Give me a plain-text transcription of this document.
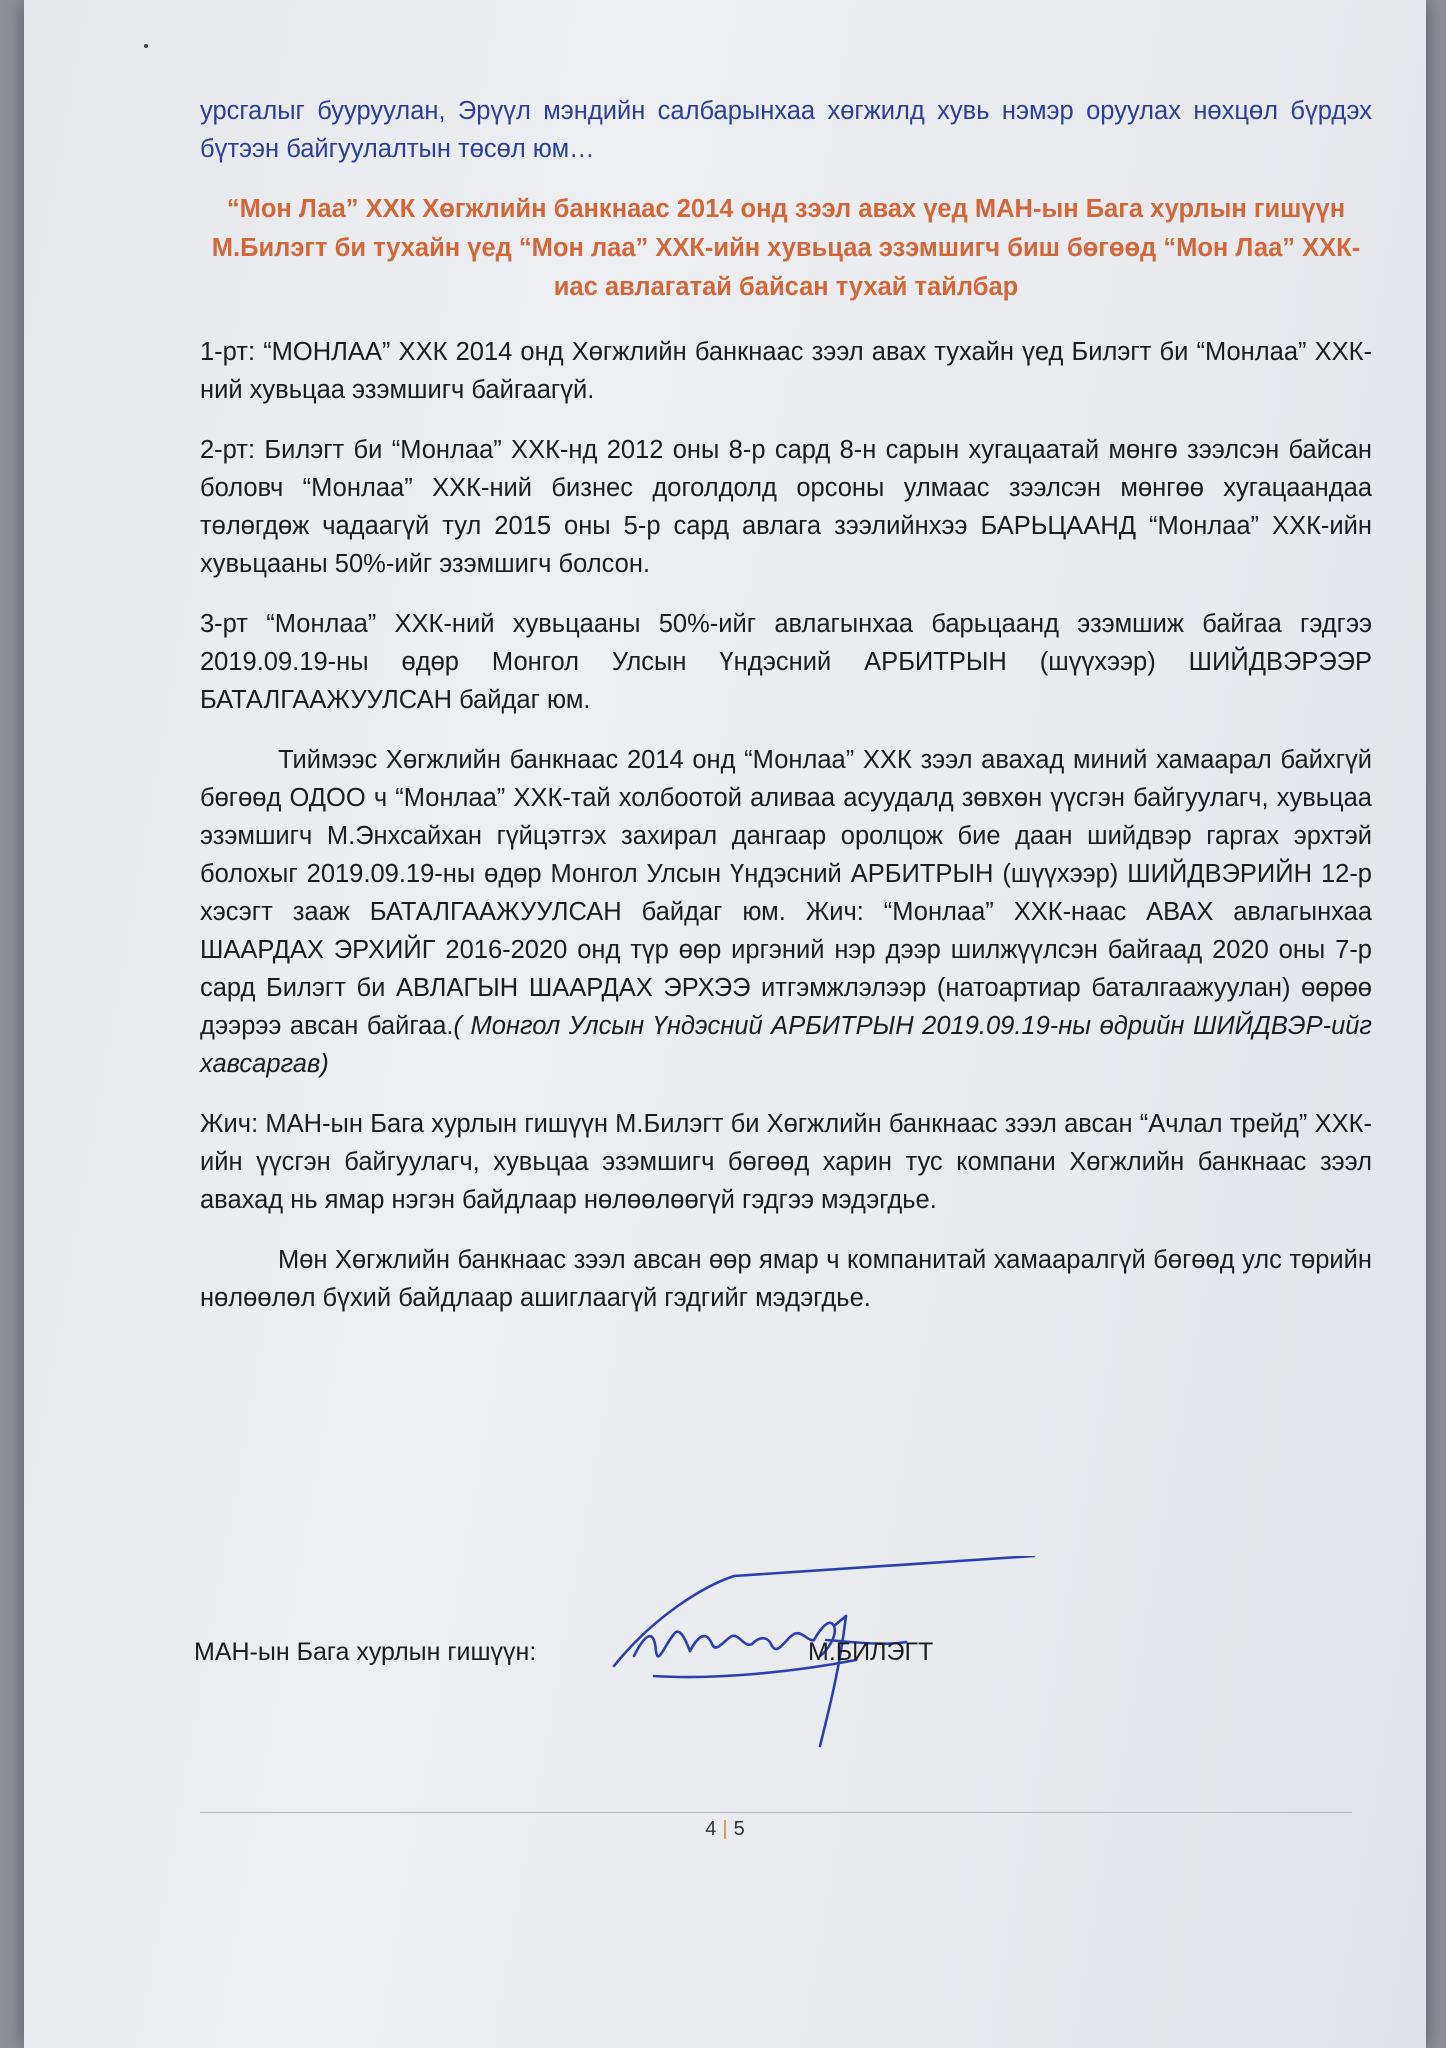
урсгалыг бууруулан, Эрүүл мэндийн салбарынхаа хөгжилд хувь нэмэр оруулах нөхцөл бүрдэх бүтээн байгуулалтын төсөл юм…

“Мон Лаа” ХХК Хөгжлийн банкнаас 2014 онд зээл авах үед МАН-ын Бага хурлын гишүүн М.Билэгт би тухайн үед “Мон лаа” ХХК-ийн хувьцаа эзэмшигч биш бөгөөд “Мон Лаа” ХХК-иас авлагатай байсан тухай тайлбар

1-рт: “МОНЛАА” ХХК 2014 онд Хөгжлийн банкнаас зээл авах тухайн үед Билэгт би “Монлаа” ХХК-ний хувьцаа эзэмшигч байгаагүй.

2-рт: Билэгт би “Монлаа” ХХК-нд 2012 оны 8-р сард 8-н сарын хугацаатай мөнгө зээлсэн байсан боловч “Монлаа” ХХК-ний бизнес доголдолд орсоны улмаас зээлсэн мөнгөө хугацаандаа төлөгдөж чадаагүй тул 2015 оны 5-р сард авлага зээлийнхээ БАРЬЦААНД “Монлаа” ХХК-ийн хувьцааны 50%-ийг эзэмшигч болсон.

3-рт “Монлаа” ХХК-ний хувьцааны 50%-ийг авлагынхаа барьцаанд эзэмшиж байгаа гэдгээ 2019.09.19-ны өдөр Монгол Улсын Үндэсний АРБИТРЫН (шүүхээр) ШИЙДВЭРЭЭР БАТАЛГААЖУУЛСАН байдаг юм.

Тиймээс Хөгжлийн банкнаас 2014 онд “Монлаа” ХХК зээл авахад миний хамаарал байхгүй бөгөөд ОДОО ч “Монлаа” ХХК-тай холбоотой аливаа асуудалд зөвхөн үүсгэн байгуулагч, хувьцаа эзэмшигч М.Энхсайхан гүйцэтгэх захирал дангаар оролцож бие даан шийдвэр гаргах эрхтэй болохыг 2019.09.19-ны өдөр Монгол Улсын Үндэсний АРБИТРЫН (шүүхээр) ШИЙДВЭРИЙН 12-р хэсэгт зааж БАТАЛГААЖУУЛСАН байдаг юм. Жич: “Монлаа” ХХК-наас АВАХ авлагынхаа ШААРДАХ ЭРХИЙГ 2016-2020 онд түр өөр иргэний нэр дээр шилжүүлсэн байгаад 2020 оны 7-р сард Билэгт би АВЛАГЫН ШААРДАХ ЭРХЭЭ итгэмжлэлээр (натоартиар баталгаажуулан) өөрөө дээрээ авсан байгаа.( Монгол Улсын Үндэсний АРБИТРЫН 2019.09.19-ны өдрийн ШИЙДВЭР-ийг хавсаргав)

Жич: МАН-ын Бага хурлын гишүүн М.Билэгт би Хөгжлийн банкнаас зээл авсан “Ачлал трейд” ХХК-ийн үүсгэн байгуулагч, хувьцаа эзэмшигч бөгөөд харин тус компани Хөгжлийн банкнаас зээл авахад нь ямар нэгэн байдлаар нөлөөлөөгүй гэдгээ мэдэгдье.

Мөн Хөгжлийн банкнаас зээл авсан өөр ямар ч компанитай хамааралгүй бөгөөд улс төрийн нөлөөлөл бүхий байдлаар ашиглаагүй гэдгийг мэдэгдье.

МАН-ын Бага хурлын гишүүн:	М.БИЛЭГТ
4 | 5
